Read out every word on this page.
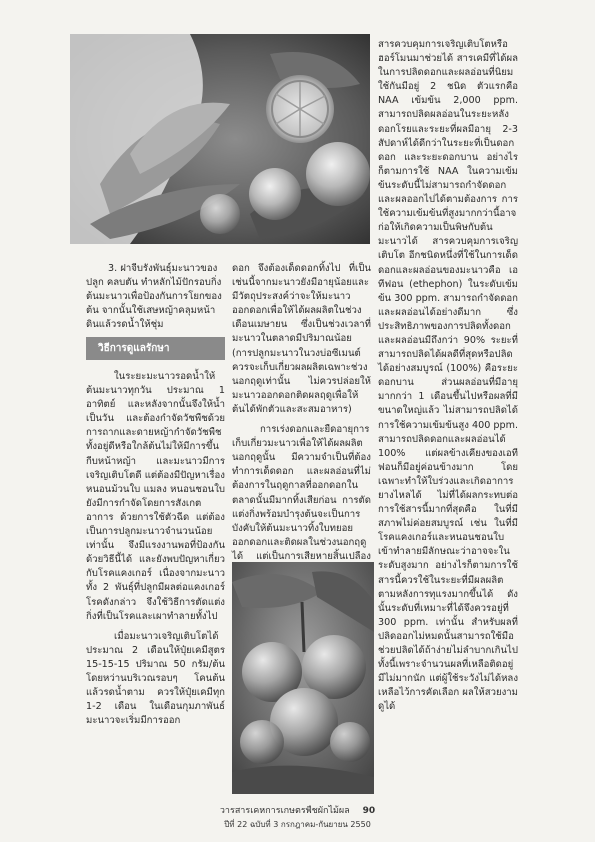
3. ฝาจีบรังพันธุ์มะนาวของปลูก คลบตัน ทำหลักไม้ปักรอบกิ่งต้นมะนาวเพื่อป้องกันการโยกของต้น จากนั้นใช้เสษหญ้าคลุมหน้าดินแล้วรดน้ำให้ชุ่ม

วิธีการดูแลรักษา

ในระยะมะนาวรอดน้ำให้ต้นมะนาวทุกวัน ประมาณ 1 อาทิตย์ และหลังจากนั้นจึงให้น้ำเป็นวัน และต้องกำจัดวัชพืชด้วยการถากและดายหญ้ากำจัดวัชพืชทั้งอยู่ดีหรือใกล้ต้นไม่ให้มีการขึ้นกีบหน้าหญ้า และมะนาวมีการเจริญเติบโตดี แต่ต้องมีปัญหาเรื่องหนอนม้วนใบ แมลง หนอนชอนใบ ยังมีการกำจัดโดยการสังเกตอาการ ด้วยการใช้ตัวฉีด แต่ต้องเป็นการปลูกมะนาวจำนวนน้อยเท่านั้น จึงมีแรงงานพอที่ป้องกันด้วยวิธีนี้ได้ และยังพบปัญหาเกี่ยวกับโรคแคงเกอร์ เนื่องจากมะนาวทั้ง 2 พันธุ์ที่ปลูกมีผลต่อแคงเกอร์โรคดังกล่าว จึงใช้วิธีการตัดแต่งกิ่งที่เป็นโรคและเผาทำลายทั้งไป

เมื่อมะนาวเจริญเติบโตได้ประมาณ 2 เดือนให้ปุ๋ยเคมีสูตร 15-15-15 ปริมาณ 50 กรัม/ต้น โดยหว่านบริเวณรอบๆ โคนต้นแล้วรดน้ำตาม ควรให้ปุ๋ยเคมีทุก 1-2 เดือน ในเดือนกุมภาพันธ์ มะนาวจะเริ่มมีการออก

ดอก จึงต้องเด็ดดอกทิ้งไป ที่เป็นเช่นนี้จากมะนาวยังมีอายุน้อยและมีวัตถุประสงค์ว่าจะให้มะนาวออกดอกเพื่อให้ได้ผลผลิตในช่วงเดือนเมษายน ซึ่งเป็นช่วงเวลาที่มะนาวในตลาดมีปริมาณน้อย (การปลูกมะนาวในวงบ่อซีเมนต์ ควรจะเก็บเกี่ยวผลผลิตเฉพาะช่วงนอกฤดูเท่านั้น ไม่ควรปล่อยให้มะนาวออกดอกติดผลฤดูเพื่อให้ต้นได้พักตัวและสะสมอาหาร)

การเร่งดอกและยืดอายุการเก็บเกี่ยวมะนาวเพื่อให้ได้ผลผลิตนอกฤดูนั้น มีความจำเป็นที่ต้องทำการเด็ดดอก และผลอ่อนที่ไม่ต้องการในฤดูกาลที่ออกดอกในตลาดนั้นมีมากทิ้งเสียก่อน การตัดแต่งกิ่งพร้อมบำรุงต้นจะเป็นการบังคับให้ต้นมะนาวทิ้งใบทยอยออกดอกและติดผลในช่วงนอกฤดูได้ แต่เป็นการเสียหายสิ้นเปลือง

สารควบคุมการเจริญเติบโตหรือฮอร์โมนมาช่วยได้ สารเคมีที่ได้ผลในการปลิดดอกและผลอ่อนที่นิยมใช้กันมีอยู่ 2 ชนิด ตัวแรกคือ NAA เข้มข้น 2,000 ppm. สามารถปลิดผลอ่อนในระยะหลังดอกโรยและระยะที่ผลมีอายุ 2-3 สัปดาห์ได้ดีกว่าในระยะที่เป็นดอกดอก และระยะดอกบาน อย่างไรก็ตามการใช้ NAA ในความเข้มข้นระดับนี้ไม่สามารถกำจัดดอกและผลออกไปได้ตามต้องการ การใช้ความเข้มข้นที่สูงมากกว่านี้อาจก่อให้เกิดความเป็นพิษกับต้นมะนาวได้ สารควบคุมการเจริญเติบโต อีกชนิดหนึ่งที่ใช้ในการเด็ดดอกและผลอ่อนของมะนาวคือ เอทีฟอน (ethephon) ในระดับเข้มข้น 300 ppm. สามารถกำจัดดอกและผลอ่อนได้อย่างดีมาก ซึ่งประสิทธิภาพของการปลิดทั้งดอกและผลอ่อนมีถึงกว่า 90% ระยะที่สามารถปลิดได้ผลดีที่สุดหรือปลิดได้อย่างสมบูรณ์ (100%) คือระยะดอกบาน ส่วนผลอ่อนที่มีอายุมากกว่า 1 เดือนขึ้นไปหรือผลที่มีขนาดใหญ่แล้ว ไม่สามารถปลิดได้ การใช้ความเข้มข้นสูง 400 ppm. สามารถปลิดดอกและผลอ่อนได้ 100% แต่ผลข้างเคียงของเอทีฟอนก็มีอยู่ค่อนข้างมาก โดยเฉพาะทำให้ใบร่วงและเกิดอาการยางไหลได้ ไม่ที่ได้ผลกระทบต่อการใช้สารนี้มากที่สุดคือ ในที่มีสภาพไม่ค่อยสมบูรณ์ เช่น ในที่มีโรคแคงเกอร์และหนอนชอนใบเข้าทำลายมีลักษณะว่าอาจจะในระดับสูงมาก อย่างไรก็ตามการใช้สารนี้ควรใช้ในระยะที่มีผลผลิตตามหลังการทุแรงมากขึ้นได้ ดังนั้นระดับที่เหมาะที่ได้จึงควรอยู่ที่ 300 ppm. เท่านั้น สำหรับผลที่ปลิดออกไม่หมดนั้นสามารถใช้มือช่วยปลิดได้ถ้าง่ายไม่ลำบากเกินไป ทั้งนี้เพราะจำนวนผลที่เหลือติดอยู่มีไม่มากนัก แต่ผู้ใช้ระวังไม่ได้หลงเหลือไว้การคัดเลือก ผลให้สวยงามดูได้

วารสารเคหการเกษตรพืชผักไม้ผล 90
ปีที่ 22 ฉบับที่ 3 กรกฎาคม-กันยายน 2550
